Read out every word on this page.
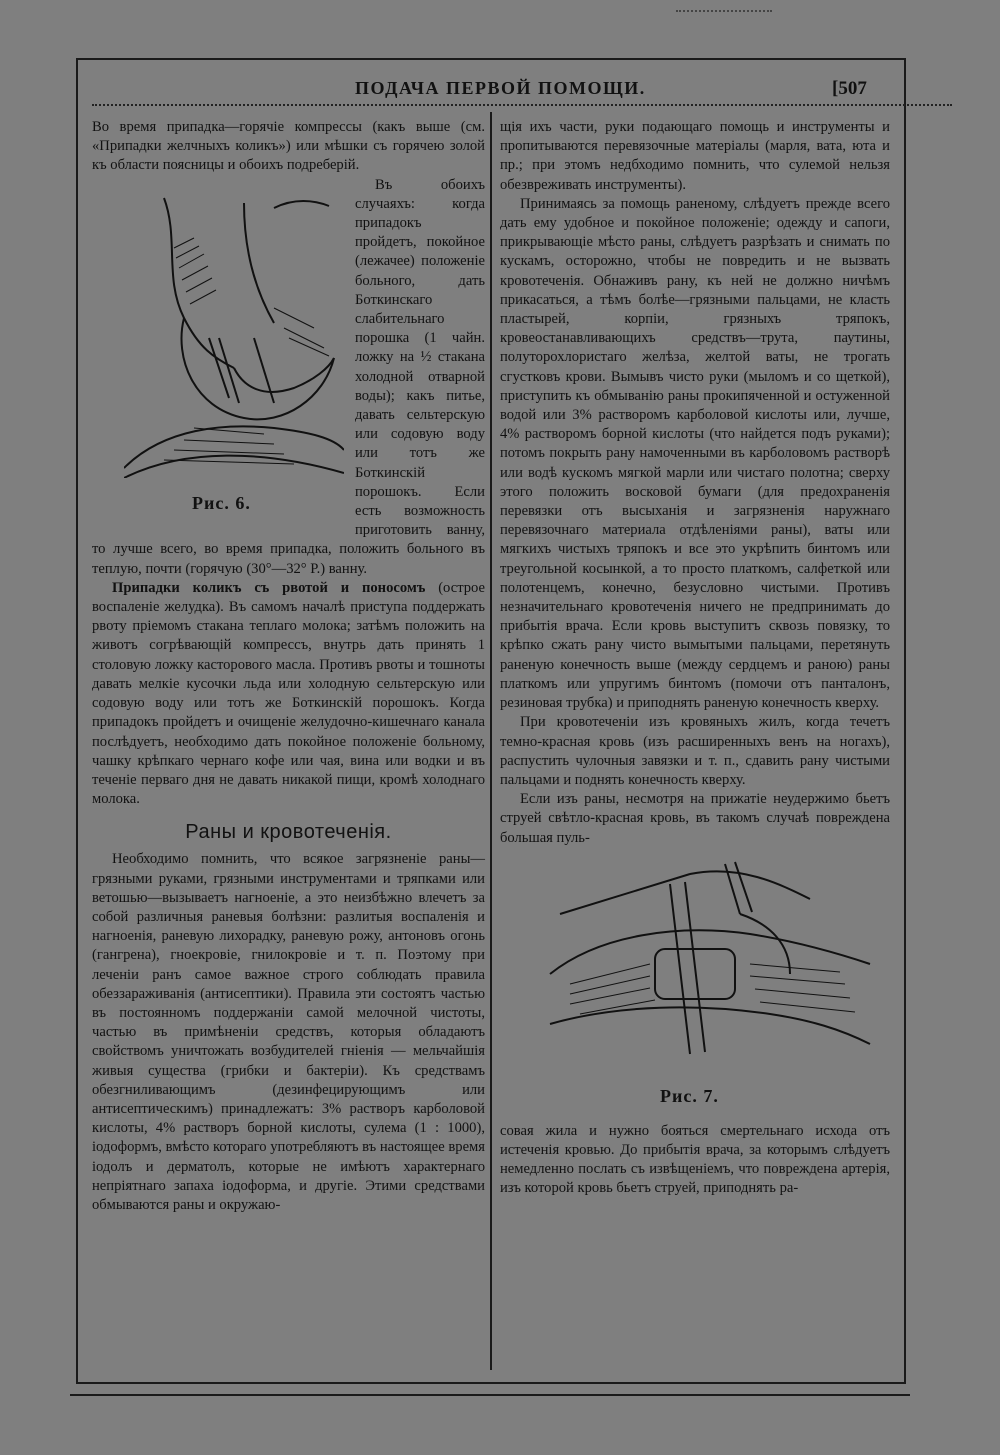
ПОДАЧА ПЕРВОЙ ПОМОЩИ.	[507

Во время припадка—горячіе компрессы (какъ выше (см. «Припадки желчныхъ коликъ») или мѣшки съ горячею золой къ области поясницы и обоихъ подреберій.

Рис. 6.

Въ обоихъ случаяхъ: когда припадокъ пройдетъ, покойное (лежачее) положеніе больного, дать Боткинскаго слабительнаго порошка (1 чайн. ложку на ½ стакана холодной отварной воды); какъ питье, давать сельтерскую или содовую воду или тотъ же Боткинскій порошокъ. Если есть возможность приготовить ванну, то лучше всего, во время припадка, положить больного въ теплую, почти (горячую (30°—32° Р.) ванну.

Припадки коликъ съ рвотой и поносомъ (острое воспаленіе желудка). Въ самомъ началѣ приступа поддержать рвоту пріемомъ стакана теплаго молока; затѣмъ положить на животъ согрѣвающій компрессъ, внутрь дать принять 1 столовую ложку касторового масла. Противъ рвоты и тошноты давать мелкіе кусочки льда или холодную сельтерскую или содовую воду или тотъ же Боткинскій порошокъ. Когда припадокъ пройдетъ и очищеніе желудочно-кишечнаго канала послѣдуетъ, необходимо дать покойное положеніе больному, чашку крѣпкаго чернаго кофе или чая, вина или водки и въ теченіе перваго дня не давать никакой пищи, кромѣ холоднаго молока.

Раны и кровотеченія.

Необходимо помнить, что всякое загрязненіе раны—грязными руками, грязными инструментами и тряпками или ветошью—вызываетъ нагноеніе, а это неизбѣжно влечетъ за собой различныя раневыя болѣзни: разлитыя воспаленія и нагноенія, раневую лихорадку, раневую рожу, антоновъ огонь (гангрена), гноекровіе, гнилокровіе и т. п. Поэтому при леченіи ранъ самое важное строго соблюдать правила обеззараживанія (антисептики). Правила эти состоятъ частью въ постоянномъ поддержаніи самой мелочной чистоты, частью въ примѣненіи средствъ, которыя обладаютъ свойствомъ уничтожать возбудителей гніенія — мельчайшія живыя существа (грибки и бактеріи). Къ средствамъ обезгниливающимъ (дезинфецирующимъ или антисептическимъ) принадлежатъ: 3% растворъ карболовой кислоты, 4% растворъ борной кислоты, сулема (1 : 1000), іодоформъ, вмѣсто котораго употребляютъ въ настоящее время іодолъ и дерматолъ, которые не имѣютъ характернаго непріятнаго запаха іодоформа, и другіе. Этими средствами обмываются раны и окружаю-

щія ихъ части, руки подающаго помощь и инструменты и пропитываются перевязочные матеріалы (марля, вата, юта и пр.; при этомъ недбходимо помнить, что сулемой нельзя обезвреживать инструменты).

Принимаясь за помощь раненому, слѣдуетъ прежде всего дать ему удобное и покойное положеніе; одежду и сапоги, прикрывающіе мѣсто раны, слѣдуетъ разрѣзать и снимать по кускамъ, осторожно, чтобы не повредить и не вызвать кровотеченія. Обнаживъ рану, къ ней не должно ничѣмъ прикасаться, а тѣмъ болѣе—грязными пальцами, не класть пластырей, корпіи, грязныхъ тряпокъ, кровеостанавливающихъ средствъ—трута, паутины, полуторохлористаго желѣза, желтой ваты, не трогать сгустковъ крови. Вымывъ чисто руки (мыломъ и со щеткой), приступить къ обмыванію раны прокипяченной и остуженной водой или 3% растворомъ карболовой кислоты или, лучше, 4% растворомъ борной кислоты (что найдется подъ руками); потомъ покрыть рану намоченными въ карболовомъ растворѣ или водѣ кускомъ мягкой марли или чистаго полотна; сверху этого положить восковой бумаги (для предохраненія перевязки отъ высыханія и загрязненія наружнаго перевязочнаго материала отдѣленіями раны), ваты или мягкихъ чистыхъ тряпокъ и все это укрѣпить бинтомъ или треугольной косынкой, а то просто платкомъ, салфеткой или полотенцемъ, конечно, безусловно чистыми. Противъ незначительнаго кровотеченія ничего не предпринимать до прибытія врача. Если кровь выступитъ сквозь повязку, то крѣпко сжать рану чисто вымытыми пальцами, перетянуть раненую конечность выше (между сердцемъ и раною) раны платкомъ или упругимъ бинтомъ (помочи отъ панталонъ, резиновая трубка) и приподнять раненую конечность кверху.

При кровотеченіи изъ кровяныхъ жилъ, когда течетъ темно-красная кровь (изъ расширенныхъ венъ на ногахъ), распустить чулочныя завязки и т. п., сдавить рану чистыми пальцами и поднять конечность кверху.

Если изъ раны, несмотря на прижатіе неудержимо бьетъ струей свѣтло-красная кровь, въ такомъ случаѣ повреждена большая пуль-

Рис. 7.

совая жила и нужно бояться смертельнаго исхода отъ истеченія кровью. До прибытія врача, за которымъ слѣдуетъ немедленно послать съ извѣщеніемъ, что повреждена артерія, изъ которой кровь бьетъ струей, приподнять ра-
